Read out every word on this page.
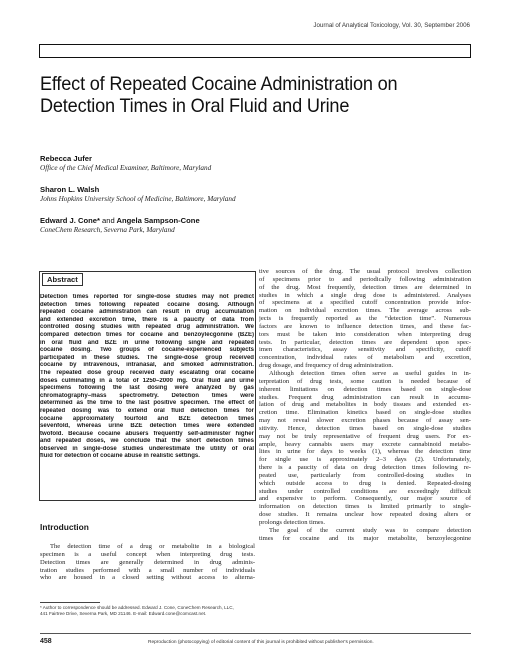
Journal of Analytical Toxicology, Vol. 30, September 2006
Effect of Repeated Cocaine Administration on
Detection Times in Oral Fluid and Urine
Rebecca Jufer
Office of the Chief Medical Examiner, Baltimore, Maryland
Sharon L. Walsh
Johns Hopkins University School of Medicine, Baltimore, Maryland
Edward J. Cone* and Angela Sampson-Cone
ConeChem Research, Severna Park, Maryland
Abstract
Detection times reported for single-dose studies may not predict
detection times following repeated cocaine dosing. Although
repeated cocaine administration can result in drug accumulation
and extended excretion time, there is a paucity of data from
controlled dosing studies with repeated drug administration. We
compared detection times for cocaine and benzoylecgonine (BZE)
in oral fluid and BZE in urine following single and repeated
cocaine dosing. Two groups of cocaine-experienced subjects
participated in these studies. The single-dose group received
cocaine by intravenous, intranasal, and smoked administration.
The repeated dose group received daily escalating oral cocaine
doses culminating in a total of 1250–2000 mg. Oral fluid and urine
specimens following the last dosing were analyzed by gas
chromatography–mass spectrometry. Detection times were
determined as the time to the last positive specimen. The effect of
repeated dosing was to extend oral fluid detection times for
cocaine approximately fourfold and BZE detection times
sevenfold, whereas urine BZE detection times were extended
twofold. Because cocaine abusers frequently self-administer higher
and repeated doses, we conclude that the short detection times
observed in single-dose studies underestimate the utility of oral
fluid for detection of cocaine abuse in realistic settings.
Introduction
The detection time of a drug or metabolite in a biological
specimen is a useful concept when interpreting drug tests.
Detection times are generally determined in drug adminis-
tration studies performed with a small number of individuals
who are housed in a closed setting without access to alterna-
tive sources of the drug. The usual protocol involves collection
of specimens prior to and periodically following administration
of the drug. Most frequently, detection times are determined in
studies in which a single drug dose is administered. Analyses
of specimens at a specified cutoff concentration provide infor-
mation on individual excretion times. The average across sub-
jects is frequently reported as the “detection time”. Numerous
factors are known to influence detection times, and these fac-
tors must be taken into consideration when interpreting drug
tests. In particular, detection times are dependent upon spec-
imen characteristics, assay sensitivity and specificity, cutoff
concentration, individual rates of metabolism and excretion,
drug dosage, and frequency of drug administration.
Although detection times often serve as useful guides in in-
terpretation of drug tests, some caution is needed because of
inherent limitations on detection times based on single-dose
studies. Frequent drug administration can result in accumu-
lation of drug and metabolites in body tissues and extended ex-
cretion time. Elimination kinetics based on single-dose studies
may not reveal slower excretion phases because of assay sen-
sitivity. Hence, detection times based on single-dose studies
may not be truly representative of frequent drug users. For ex-
ample, heavy cannabis users may excrete cannabinoid metabo-
lites in urine for days to weeks (1), whereas the detection time
for single use is approximately 2–3 days (2). Unfortunately,
there is a paucity of data on drug detection times following re-
peated use, particularly from controlled-dosing studies in
which outside access to drug is denied. Repeated-dosing
studies under controlled conditions are exceedingly difficult
and expensive to perform. Consequently, our major source of
information on detection times is limited primarily to single-
dose studies. It remains unclear how repeated dosing alters or
prolongs detection times.
The goal of the current study was to compare detection
times for cocaine and its major metabolite, benzoylecgonine
* Author to correspondence should be addressed. Edward J. Cone, ConeChem Research, LLC,
441 Fairtree Drive, Severna Park, MD 21146. E-mail: Edward.cone@comcast.net.
458	Reproduction (photocopying) of editorial content of this journal is prohibited without publisher's permission.
